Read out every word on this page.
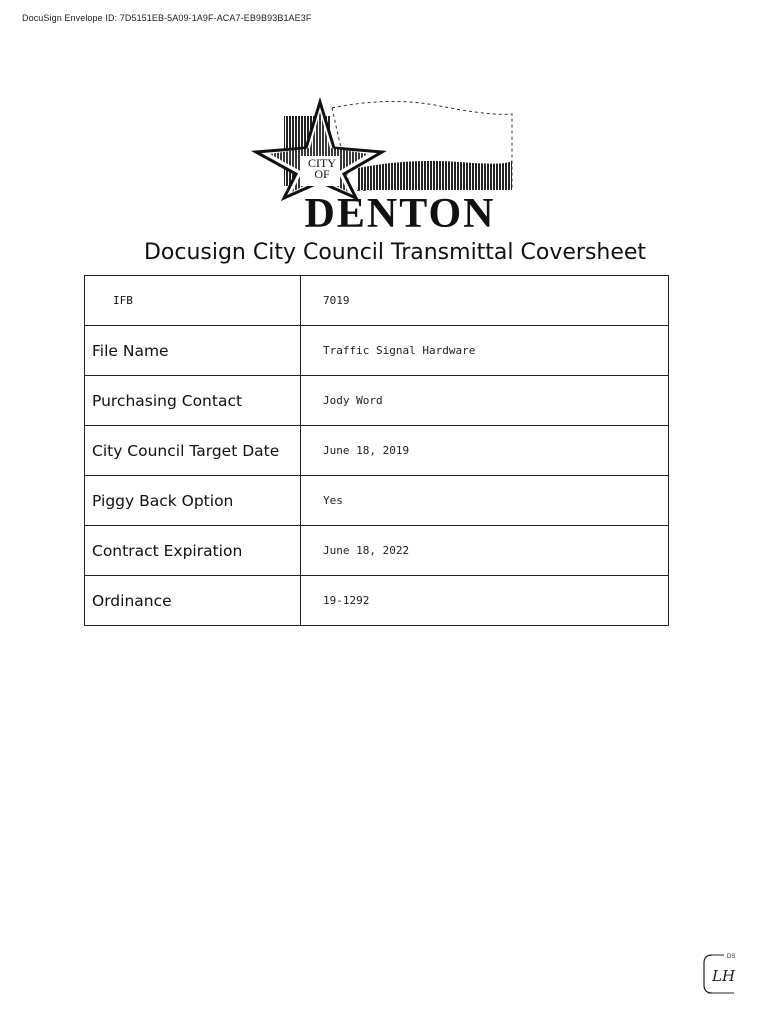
DocuSign Envelope ID: 7D5151EB-5A09-1A9F-ACA7-EB9B93B1AE3F
CITY
OF
DENTON
Docusign City Council Transmittal Coversheet
IFB	7019
File Name	Traffic Signal Hardware
Purchasing Contact	Jody Word
City Council Target Date	June 18, 2019
Piggy Back Option	Yes
Contract Expiration	June 18, 2022
Ordinance	19-1292
DS
LH
